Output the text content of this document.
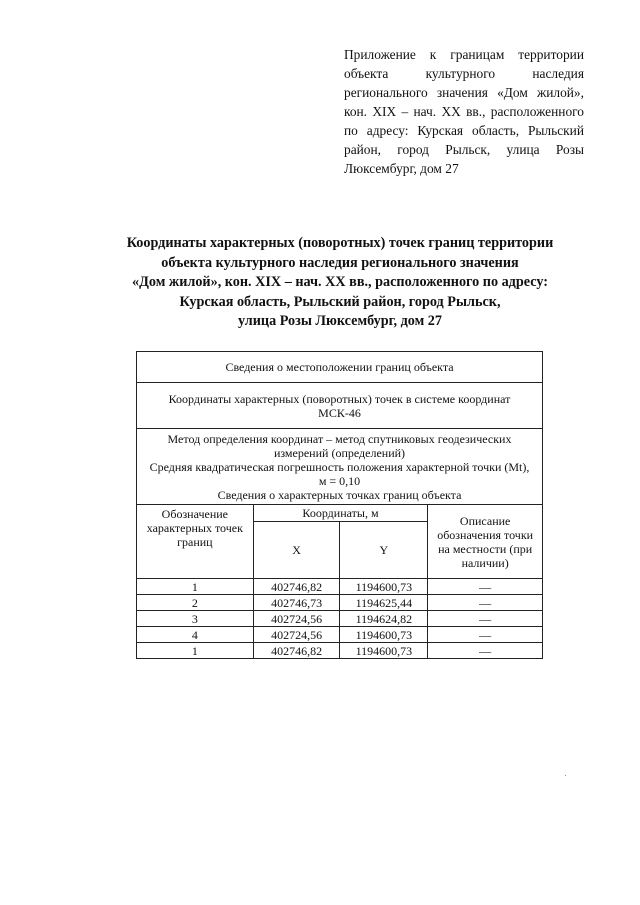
Приложение к границам территории объекта культурного наследия регионального значения «Дом жилой», кон. XIX – нач. XX вв., расположенного по адресу: Курская область, Рыльский район, город Рыльск, улица Розы Люксембург, дом 27
Координаты характерных (поворотных) точек границ территории
объекта культурного наследия регионального значения
«Дом жилой», кон. XIX – нач. XX вв., расположенного по адресу:
Курская область, Рыльский район, город Рыльск,
улица Розы Люксембург, дом 27
Сведения о местоположении границ объекта			
Координаты характерных (поворотных) точек в системе координат МСК-46			

Метод определения координат – метод спутниковых геодезических измерений (определений)
Средняя квадратическая погрешность положения характерной точки (Mt), м = 0,10
Сведения о характерных точках границ объекта			

Обозначение характерных точек границ	Координаты, м		Описание обозначения точки на местности (при наличии)
	X	Y	
1	402746,82	1194600,73	—
2	402746,73	1194625,44	—
3	402724,56	1194624,82	—
4	402724,56	1194600,73	—
1	402746,82	1194600,73	—
